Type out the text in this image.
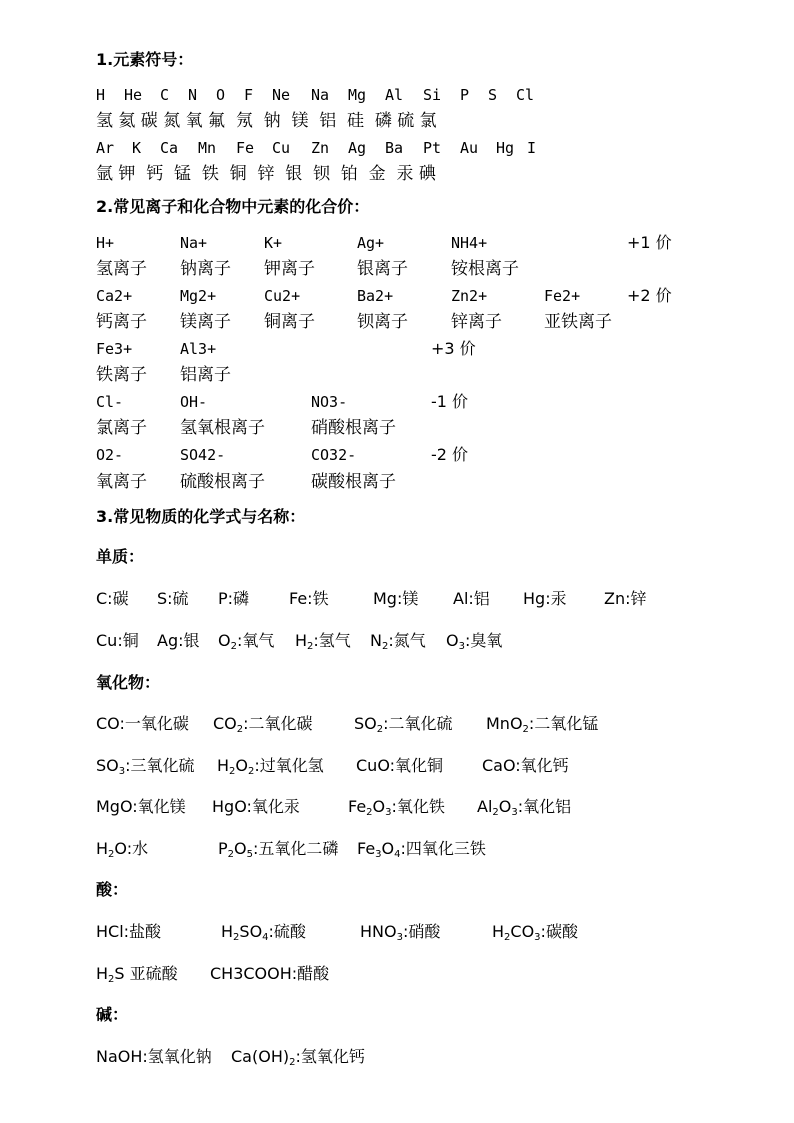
1.元素符号：
H He C N O F Ne Na Mg Al Si P S Cl
氢 氦 碳 氮 氧 氟  氖  钠  镁  铝  硅  磷 硫 氯
Ar K Ca Mn Fe Cu Zn Ag Ba Pt Au Hg I
氩 钾  钙  锰  铁  铜  锌  银  钡  铂  金  汞 碘
2.常见离子和化合物中元素的化合价：
H+	Na+	K+	Ag+	NH4+	+1 价
氢离子 钠离子 钾离子 银离子	铵根离子
Ca2+	Mg2+	Cu2+	Ba2+	Zn2+	Fe2+	+2 价
钙离子 镁离子 铜离子 钡离子	锌离子 亚铁离子
Fe3+	Al3+	+3 价
铁离子 铝离子
Cl-	OH-	NO3-	-1 价
氯离子 氢氧根离子	硝酸根离子
O2-	SO42-	CO32-	-2 价
氧离子 硫酸根离子	碳酸根离子
3.常见物质的化学式与名称：
单质：
C:碳 S:硫 P:磷 Fe:铁	Mg:镁 Al:铝 Hg:汞 Zn:锌
Cu:铜 Ag:银 $O_2$:氧气 $H_2$:氢气 $N_2$:氮气 $O_3$:臭氧
氧化物：
CO:一氧化碳 $CO_2$:二氧化碳	$SO_2$:二氧化硫 MnO$_2$:二氧化锰
$SO_3$:三氧化硫 $H_2O_2$:过氧化氢 CuO:氧化铜 CaO:氧化钙
MgO:氧化镁 HgO:氧化汞	$Fe_2O_3$:氧化铁 $Al_2O_3$:氧化铝
$H_2O$:水	$P_2O_5$:五氧化二磷 $Fe_3O_4$:四氧化三铁
酸：
HCl:盐酸	$H_2SO_4$:硫酸	$HNO_3$:硝酸	$H_2CO_3$:碳酸
$H_2S$ 亚硫酸 CH3COOH:醋酸
碱：
NaOH:氢氧化钠 $Ca(OH)_2$:氢氧化钙
